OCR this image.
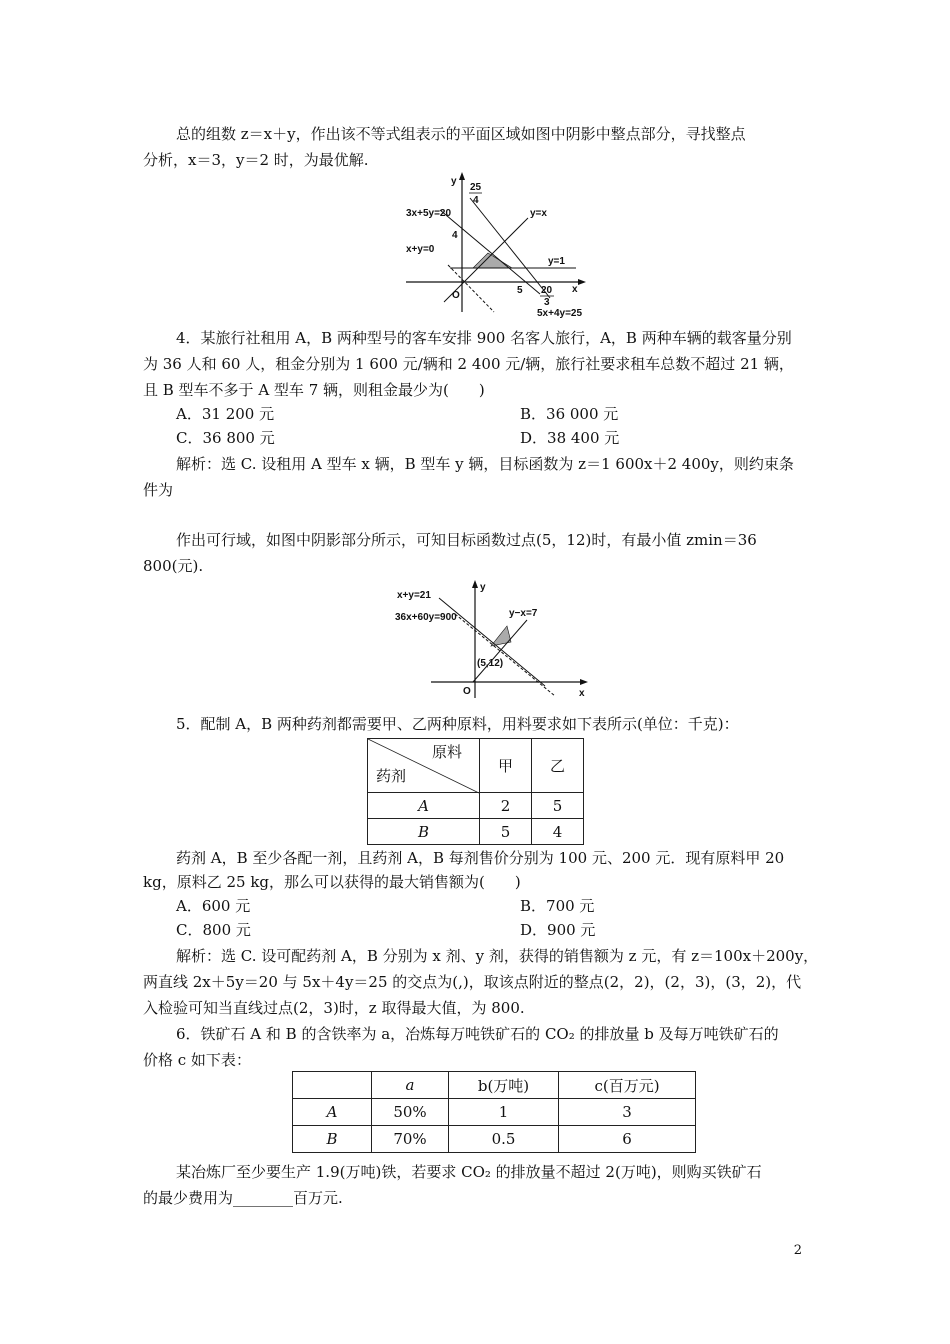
总的组数 z＝x＋y，作出该不等式组表示的平面区域如图中阴影中整点部分，寻找整点
分析，x＝3，y＝2 时，为最优解.
y
25
4
3x+5y=20	y=x
4
x+y=0
y=1
O	5 20
3
x
5x+4y=25
4．某旅行社租用 A，B 两种型号的客车安排 900 名客人旅行，A，B 两种车辆的载客量分别
为 36 人和 60 人，租金分别为 1 600 元/辆和 2 400 元/辆，旅行社要求租车总数不超过 21 辆，
且 B 型车不多于 A 型车 7 辆，则租金最少为(　　)
A．31 200 元	B．36 000 元
C．36 800 元	D．38 400 元
解析：选 C. 设租用 A 型车 x 辆，B 型车 y 辆，目标函数为 z＝1 600x＋2 400y，则约束条
件为
作出可行域，如图中阴影部分所示，可知目标函数过点(5，12)时，有最小值 zmin＝36
800(元).
y
x+y=21
36x+60y=900	y−x=7
(5,12)
O	x
5．配制 A，B 两种药剂都需要甲、乙两种原料，用料要求如下表所示(单位：千克)：
原料
药剂	甲	乙
A	2	5
B	5	4
药剂 A，B 至少各配一剂，且药剂 A，B 每剂售价分别为 100 元、200 元．现有原料甲 20
kg，原料乙 25 kg，那么可以获得的最大销售额为(　　)
A．600 元	B．700 元
C．800 元	D．900 元
解析：选 C. 设可配药剂 A，B 分别为 x 剂、y 剂，获得的销售额为 z 元，有 z＝100x＋200y，
两直线 2x＋5y＝20 与 5x＋4y＝25 的交点为(,)，取该点附近的整点(2，2)，(2，3)，(3，2)，代
入检验可知当直线过点(2，3)时，z 取得最大值，为 800.
6．铁矿石 A 和 B 的含铁率为 a，冶炼每万吨铁矿石的 CO₂ 的排放量 b 及每万吨铁矿石的
价格 c 如下表：
	a	b(万吨)	c(百万元)
A	50%	1	3
B	70%	0.5	6
某冶炼厂至少要生产 1.9(万吨)铁，若要求 CO₂ 的排放量不超过 2(万吨)，则购买铁矿石
的最少费用为________百万元.
2
